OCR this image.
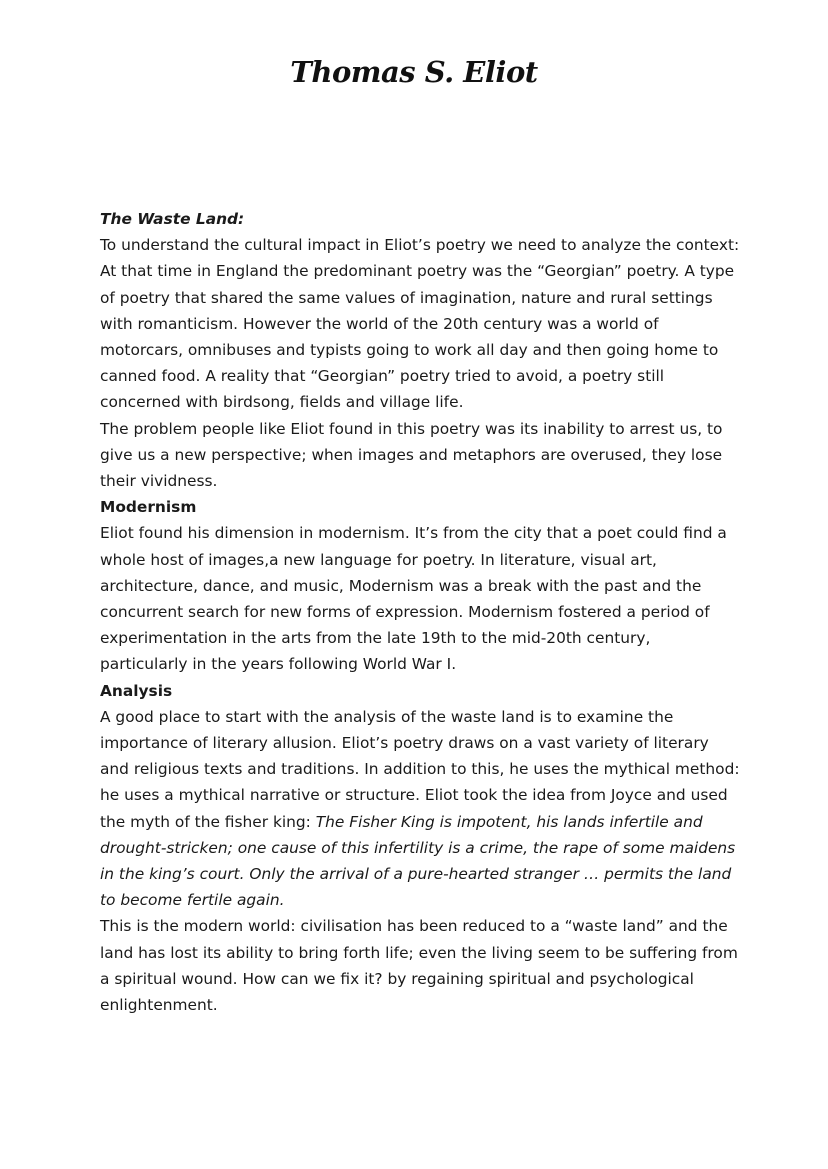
Thomas S. Eliot

The Waste Land:

To understand the cultural impact in Eliot’s poetry we need to analyze the context: At that time in England the predominant poetry was the “Georgian” poetry. A type of poetry that shared the same values of imagination, nature and rural settings with romanticism. However the world of the 20th century was a world of motorcars, omnibuses and typists going to work all day and then going home to canned food. A reality that “Georgian” poetry tried to avoid, a poetry still concerned with birdsong, fields and village life.

The problem people like Eliot found in this poetry was its inability to arrest us, to give us a new perspective; when images and metaphors are overused, they lose their vividness.

Modernism

Eliot found his dimension in modernism. It’s from the city that a poet could find a whole host of images,a new language for poetry. In literature, visual art, architecture, dance, and music, Modernism was a break with the past and the concurrent search for new forms of expression. Modernism fostered a period of experimentation in the arts from the late 19th to the mid-20th century, particularly in the years following World War I.

Analysis

A good place to start with the analysis of the waste land is to examine the importance of literary allusion. Eliot’s poetry draws on a vast variety of literary and religious texts and traditions. In addition to this, he uses the mythical method: he uses a mythical narrative or structure. Eliot took the idea from Joyce and used the myth of the fisher king: The Fisher King is impotent, his lands infertile and drought-stricken; one cause of this infertility is a crime, the rape of some maidens in the king’s court. Only the arrival of a pure-hearted stranger … permits the land to become fertile again.

This is the modern world: civilisation has been reduced to a “waste land” and the land has lost its ability to bring forth life; even the living seem to be suffering from a spiritual wound. How can we fix it? by regaining spiritual and psychological enlightenment.
